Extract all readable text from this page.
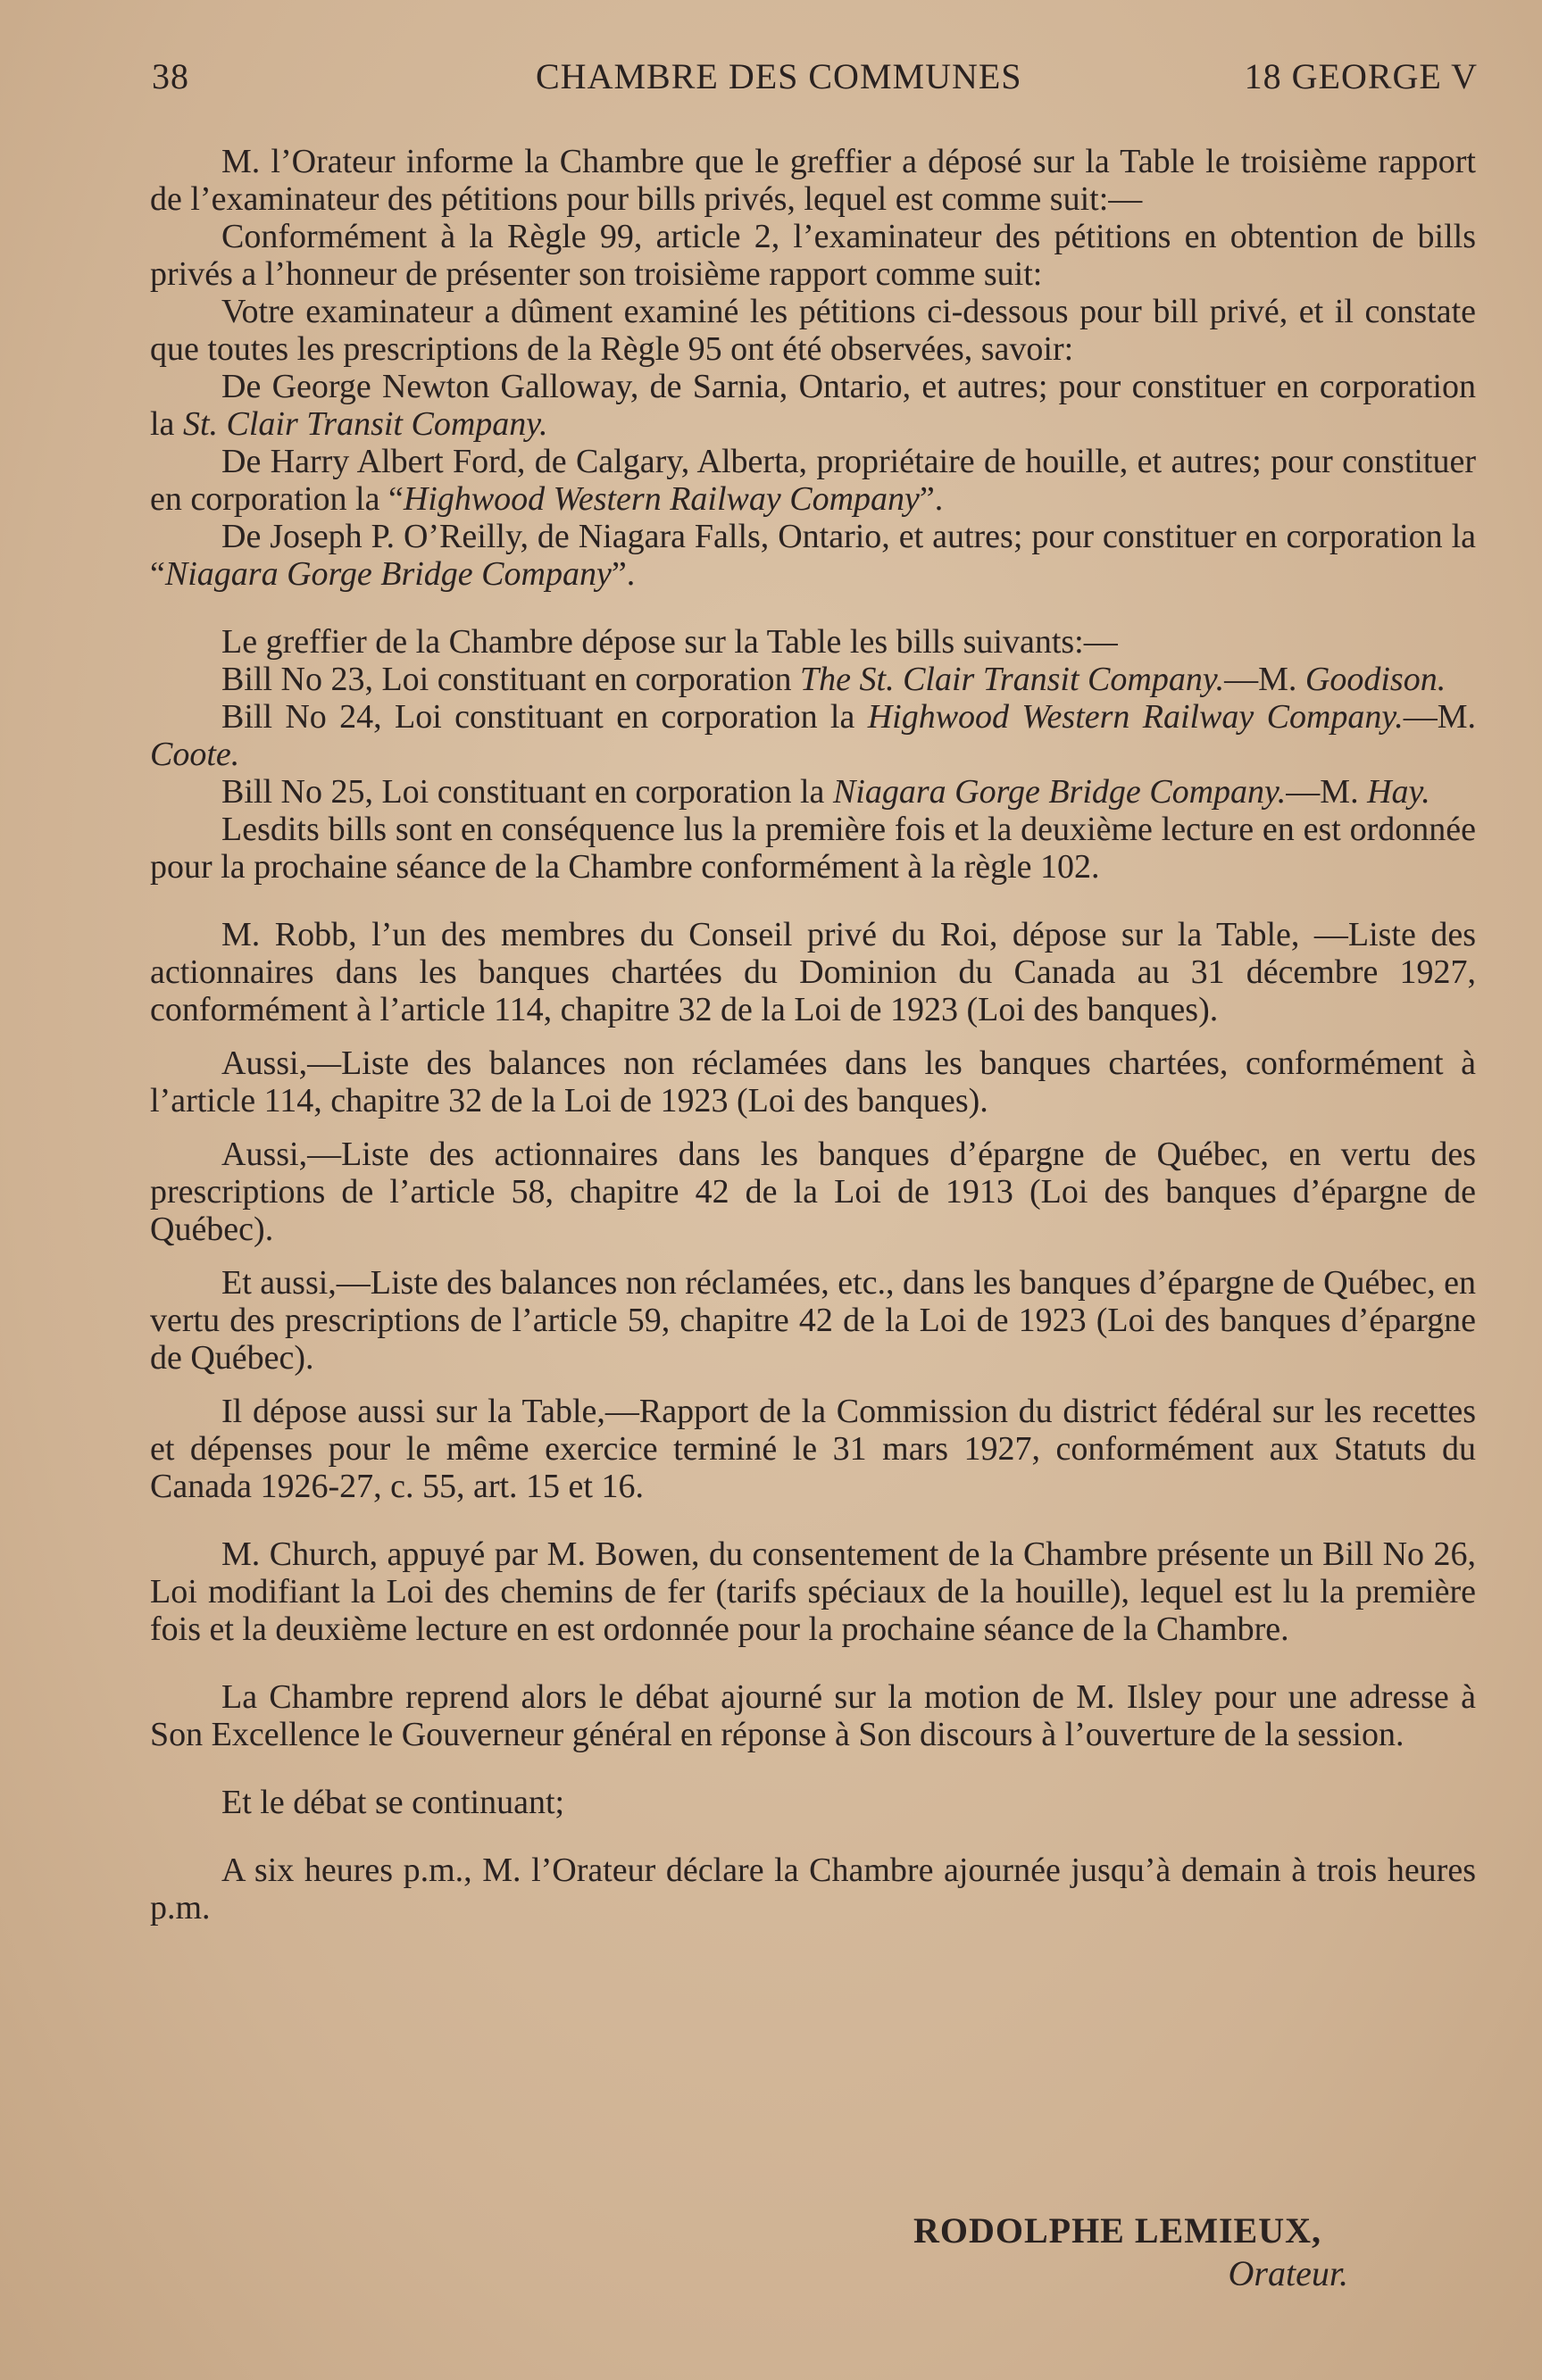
38	CHAMBRE DES COMMUNES	18 GEORGE V

M. l’Orateur informe la Chambre que le greffier a déposé sur la Table le troisième rapport de l’examinateur des pétitions pour bills privés, lequel est comme suit:—

Conformément à la Règle 99, article 2, l’examinateur des pétitions en obtention de bills privés a l’honneur de présenter son troisième rapport comme suit:

Votre examinateur a dûment examiné les pétitions ci-dessous pour bill privé, et il constate que toutes les prescriptions de la Règle 95 ont été observées, savoir:

De George Newton Galloway, de Sarnia, Ontario, et autres; pour constituer en corporation la St. Clair Transit Company.

De Harry Albert Ford, de Calgary, Alberta, propriétaire de houille, et autres; pour constituer en corporation la “Highwood Western Railway Company”.

De Joseph P. O’Reilly, de Niagara Falls, Ontario, et autres; pour constituer en corporation la “Niagara Gorge Bridge Company”.

Le greffier de la Chambre dépose sur la Table les bills suivants:—

Bill No 23, Loi constituant en corporation The St. Clair Transit Company.—M. Goodison.

Bill No 24, Loi constituant en corporation la Highwood Western Railway Company.—M. Coote.

Bill No 25, Loi constituant en corporation la Niagara Gorge Bridge Company.—M. Hay.

Lesdits bills sont en conséquence lus la première fois et la deuxième lecture en est ordonnée pour la prochaine séance de la Chambre conformément à la règle 102.

M. Robb, l’un des membres du Conseil privé du Roi, dépose sur la Table, —Liste des actionnaires dans les banques chartées du Dominion du Canada au 31 décembre 1927, conformément à l’article 114, chapitre 32 de la Loi de 1923 (Loi des banques).

Aussi,—Liste des balances non réclamées dans les banques chartées, conformément à l’article 114, chapitre 32 de la Loi de 1923 (Loi des banques).

Aussi,—Liste des actionnaires dans les banques d’épargne de Québec, en vertu des prescriptions de l’article 58, chapitre 42 de la Loi de 1913 (Loi des banques d’épargne de Québec).

Et aussi,—Liste des balances non réclamées, etc., dans les banques d’épargne de Québec, en vertu des prescriptions de l’article 59, chapitre 42 de la Loi de 1923 (Loi des banques d’épargne de Québec).

Il dépose aussi sur la Table,—Rapport de la Commission du district fédéral sur les recettes et dépenses pour le même exercice terminé le 31 mars 1927, conformément aux Statuts du Canada 1926-27, c. 55, art. 15 et 16.

M. Church, appuyé par M. Bowen, du consentement de la Chambre présente un Bill No 26, Loi modifiant la Loi des chemins de fer (tarifs spéciaux de la houille), lequel est lu la première fois et la deuxième lecture en est ordonnée pour la prochaine séance de la Chambre.

La Chambre reprend alors le débat ajourné sur la motion de M. Ilsley pour une adresse à Son Excellence le Gouverneur général en réponse à Son discours à l’ouverture de la session.

Et le débat se continuant;

A six heures p.m., M. l’Orateur déclare la Chambre ajournée jusqu’à demain à trois heures p.m.

RODOLPHE LEMIEUX,
Orateur.
